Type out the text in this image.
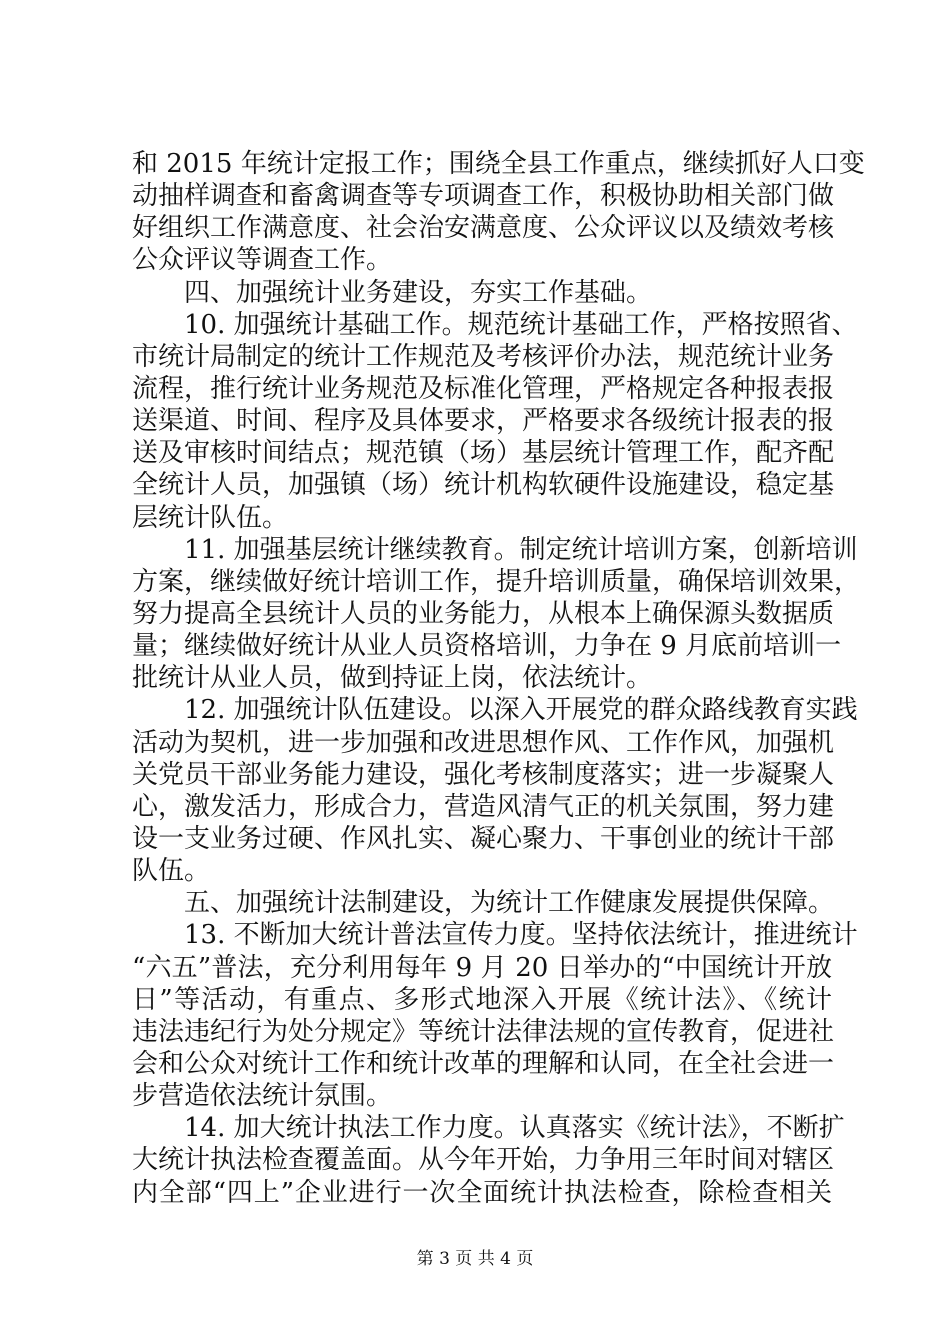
和 2015 年统计定报工作；围绕全县工作重点，继续抓好人口变
动抽样调查和畜禽调查等专项调查工作，积极协助相关部门做
好组织工作满意度、社会治安满意度、公众评议以及绩效考核
公众评议等调查工作。
　　四、加强统计业务建设，夯实工作基础。
　　10. 加强统计基础工作。规范统计基础工作，严格按照省、
市统计局制定的统计工作规范及考核评价办法，规范统计业务
流程，推行统计业务规范及标准化管理，严格规定各种报表报
送渠道、时间、程序及具体要求，严格要求各级统计报表的报
送及审核时间结点；规范镇（场）基层统计管理工作，配齐配
全统计人员，加强镇（场）统计机构软硬件设施建设，稳定基
层统计队伍。
　　11. 加强基层统计继续教育。制定统计培训方案，创新培训
方案，继续做好统计培训工作，提升培训质量，确保培训效果，
努力提高全县统计人员的业务能力，从根本上确保源头数据质
量；继续做好统计从业人员资格培训，力争在 9 月底前培训一
批统计从业人员，做到持证上岗，依法统计。
　　12. 加强统计队伍建设。以深入开展党的群众路线教育实践
活动为契机，进一步加强和改进思想作风、工作作风，加强机
关党员干部业务能力建设，强化考核制度落实；进一步凝聚人
心，激发活力，形成合力，营造风清气正的机关氛围，努力建
设一支业务过硬、作风扎实、凝心聚力、干事创业的统计干部
队伍。
　　五、加强统计法制建设，为统计工作健康发展提供保障。
　　13. 不断加大统计普法宣传力度。坚持依法统计，推进统计
“六五”普法，充分利用每年 9 月 20 日举办的“中国统计开放
日”等活动，有重点、多形式地深入开展《统计法》、《统计
违法违纪行为处分规定》等统计法律法规的宣传教育，促进社
会和公众对统计工作和统计改革的理解和认同，在全社会进一
步营造依法统计氛围。
　　14. 加大统计执法工作力度。认真落实《统计法》，不断扩
大统计执法检查覆盖面。从今年开始，力争用三年时间对辖区
内全部“四上”企业进行一次全面统计执法检查，除检查相关
第 3 页 共 4 页
